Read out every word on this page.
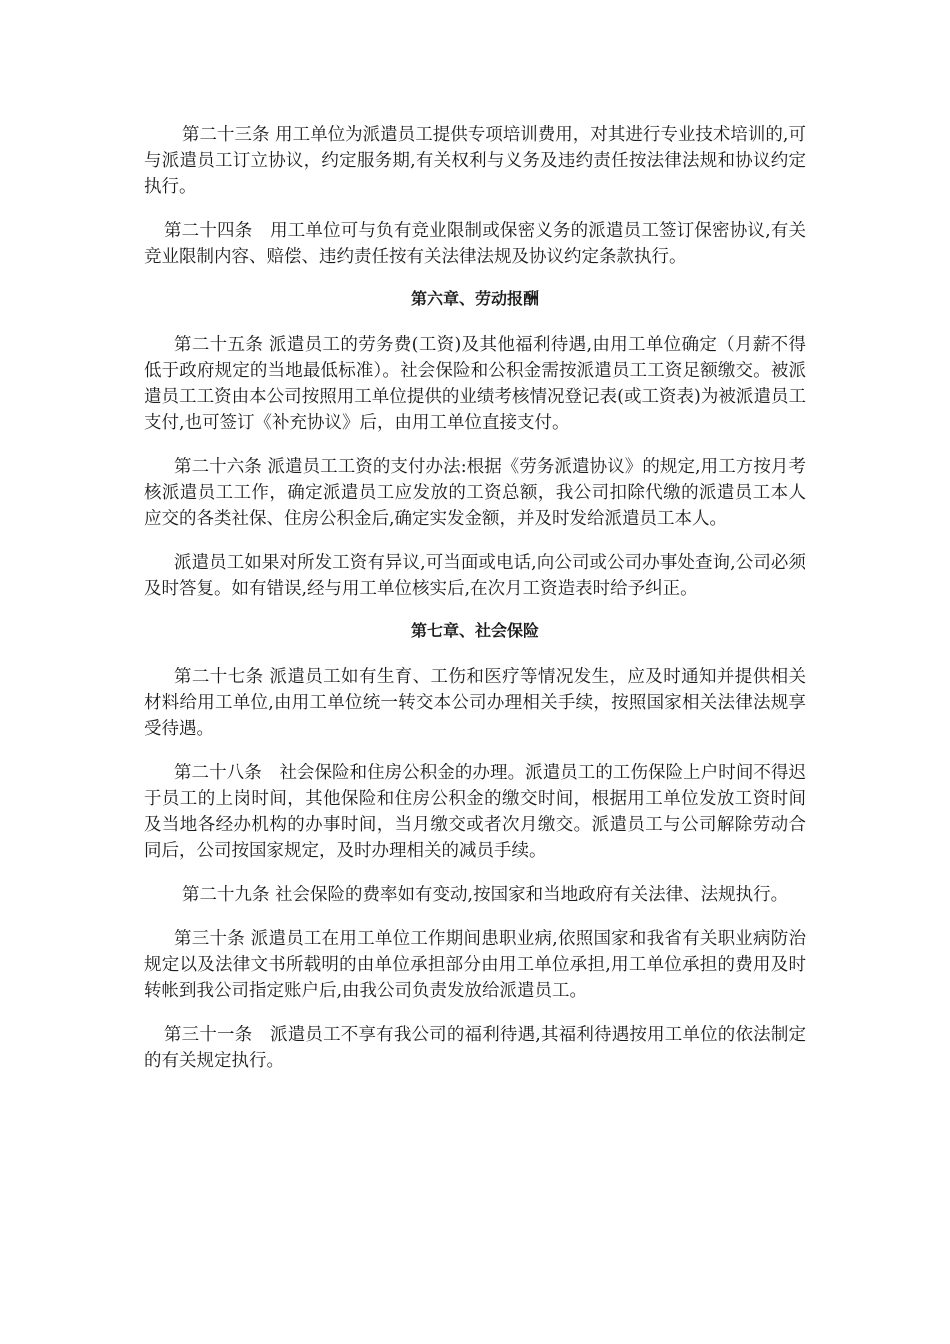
第二十三条 用工单位为派遣员工提供专项培训费用，对其进行专业技术培训的,可与派遣员工订立协议，约定服务期,有关权利与义务及违约责任按法律法规和协议约定执行。

第二十四条　用工单位可与负有竞业限制或保密义务的派遣员工签订保密协议,有关竞业限制内容、赔偿、违约责任按有关法律法规及协议约定条款执行。

第六章、劳动报酬

第二十五条 派遣员工的劳务费(工资)及其他福利待遇,由用工单位确定（月薪不得低于政府规定的当地最低标准）。社会保险和公积金需按派遣员工工资足额缴交。被派遣员工工资由本公司按照用工单位提供的业绩考核情况登记表(或工资表)为被派遣员工支付,也可签订《补充协议》后，由用工单位直接支付。

第二十六条 派遣员工工资的支付办法:根据《劳务派遣协议》的规定,用工方按月考核派遣员工工作，确定派遣员工应发放的工资总额，我公司扣除代缴的派遣员工本人应交的各类社保、住房公积金后,确定实发金额，并及时发给派遣员工本人。

派遣员工如果对所发工资有异议,可当面或电话,向公司或公司办事处查询,公司必须及时答复。如有错误,经与用工单位核实后,在次月工资造表时给予纠正。

第七章、社会保险

第二十七条 派遣员工如有生育、工伤和医疗等情况发生，应及时通知并提供相关材料给用工单位,由用工单位统一转交本公司办理相关手续，按照国家相关法律法规享受待遇。

第二十八条　社会保险和住房公积金的办理。派遣员工的工伤保险上户时间不得迟于员工的上岗时间，其他保险和住房公积金的缴交时间，根据用工单位发放工资时间及当地各经办机构的办事时间，当月缴交或者次月缴交。派遣员工与公司解除劳动合同后，公司按国家规定，及时办理相关的减员手续。

第二十九条 社会保险的费率如有变动,按国家和当地政府有关法律、法规执行。

第三十条 派遣员工在用工单位工作期间患职业病,依照国家和我省有关职业病防治规定以及法律文书所载明的由单位承担部分由用工单位承担,用工单位承担的费用及时转帐到我公司指定账户后,由我公司负责发放给派遣员工。

第三十一条　派遣员工不享有我公司的福利待遇,其福利待遇按用工单位的依法制定的有关规定执行。
